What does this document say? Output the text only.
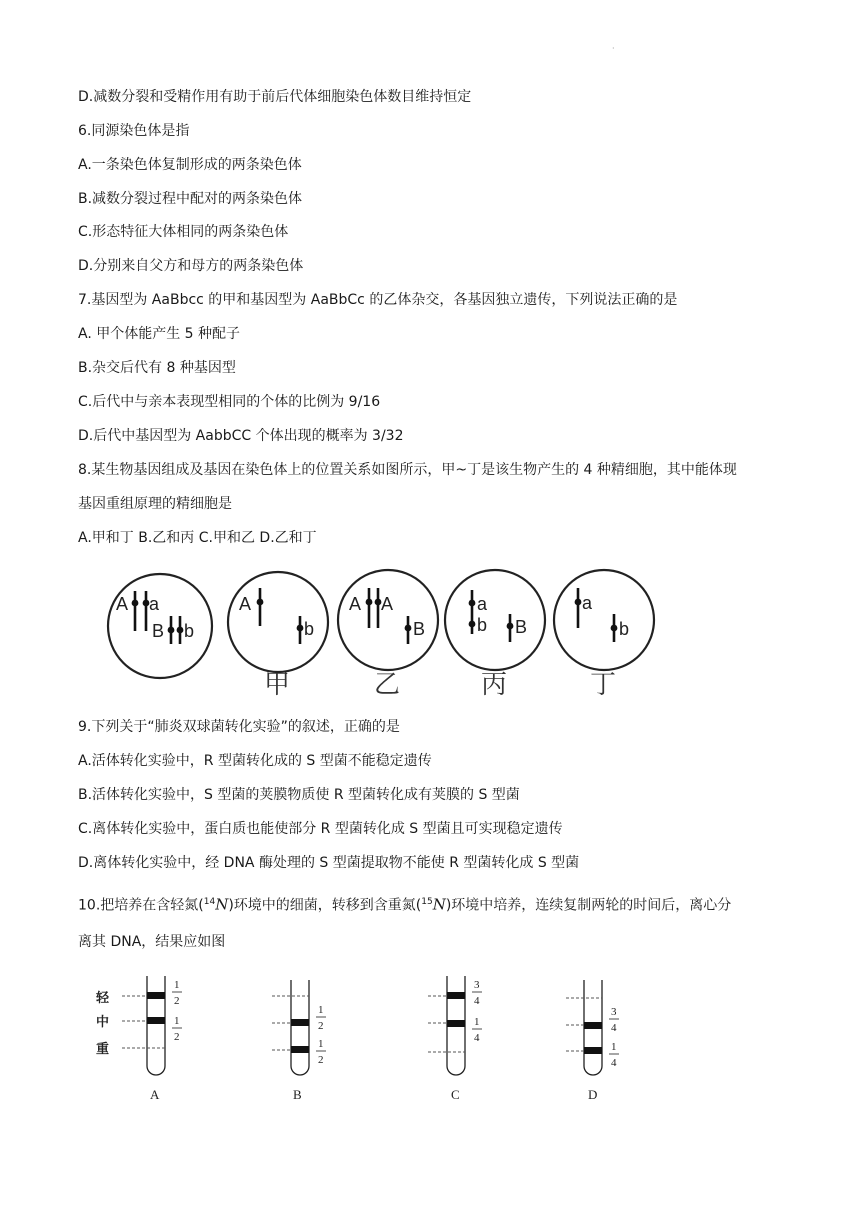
·
D.减数分裂和受精作用有助于前后代体细胞染色体数目维持恒定
6.同源染色体是指
A.一条染色体复制形成的两条染色体
B.减数分裂过程中配对的两条染色体
C.形态特征大体相同的两条染色体
D.分别来自父方和母方的两条染色体
7.基因型为 AaBbcc 的甲和基因型为 AaBbCc 的乙体杂交，各基因独立遗传，下列说法正确的是
A. 甲个体能产生 5 种配子
B.杂交后代有 8 种基因型
C.后代中与亲本表现型相同的个体的比例为 9/16
D.后代中基因型为 AabbCC 个体出现的概率为 3/32
8.某生物基因组成及基因在染色体上的位置关系如图所示，甲~丁是该生物产生的 4 种精细胞，其中能体现
基因重组原理的精细胞是
A.甲和丁 B.乙和丙 C.甲和乙 D.乙和丁
A a
B b
A
b
甲
A A
B
乙
a
b B
丙
a
b
丁
9.下列关于“肺炎双球菌转化实验”的叙述，正确的是
A.活体转化实验中，R 型菌转化成的 S 型菌不能稳定遗传
B.活体转化实验中，S 型菌的荚膜物质使 R 型菌转化成有荚膜的 S 型菌
C.离体转化实验中，蛋白质也能使部分 R 型菌转化成 S 型菌且可实现稳定遗传
D.离体转化实验中，经 DNA 酶处理的 S 型菌提取物不能使 R 型菌转化成 S 型菌
10.把培养在含轻氮($^{14}$N)环境中的细菌，转移到含重氮($^{15}$N)环境中培养，连续复制两轮的时间后，离心分
离其 DNA，结果应如图
轻
中
重
1
2
1
2
A
1
2
1
2
B
3
4
1
4
C
3
4
1
4
D
